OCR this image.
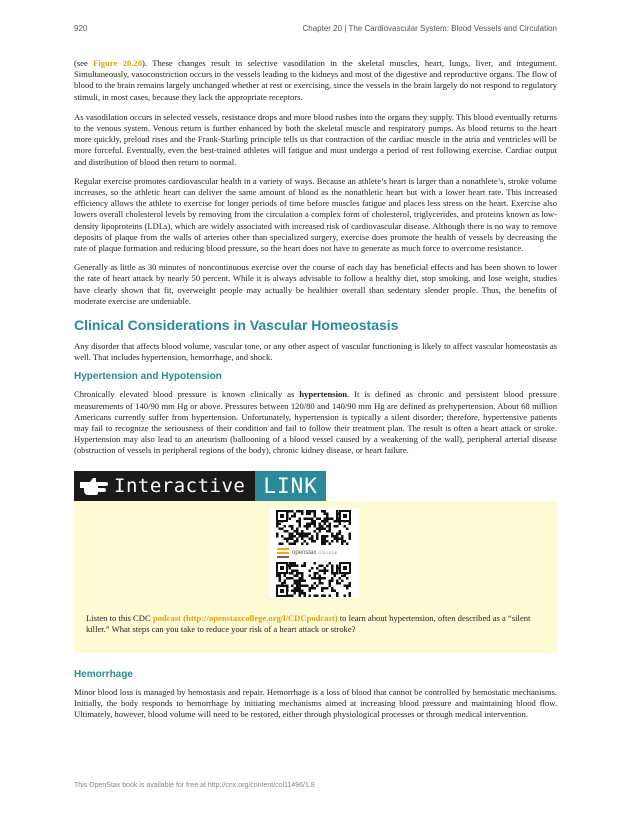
920	Chapter 20 | The Cardiovascular System: Blood Vessels and Circulation

(see Figure 20.20). These changes result in selective vasodilation in the skeletal muscles, heart, lungs, liver, and integument. Simultaneously, vasoconstriction occurs in the vessels leading to the kidneys and most of the digestive and reproductive organs. The flow of blood to the brain remains largely unchanged whether at rest or exercising, since the vessels in the brain largely do not respond to regulatory stimuli, in most cases, because they lack the appropriate receptors.

As vasodilation occurs in selected vessels, resistance drops and more blood rushes into the organs they supply. This blood eventually returns to the venous system. Venous return is further enhanced by both the skeletal muscle and respiratory pumps. As blood returns to the heart more quickly, preload rises and the Frank-Starling principle tells us that contraction of the cardiac muscle in the atria and ventricles will be more forceful. Eventually, even the best-trained athletes will fatigue and must undergo a period of rest following exercise. Cardiac output and distribution of blood then return to normal.

Regular exercise promotes cardiovascular health in a variety of ways. Because an athlete’s heart is larger than a nonathlete’s, stroke volume increases, so the athletic heart can deliver the same amount of blood as the nonathletic heart but with a lower heart rate. This increased efficiency allows the athlete to exercise for longer periods of time before muscles fatigue and places less stress on the heart. Exercise also lowers overall cholesterol levels by removing from the circulation a complex form of cholesterol, triglycerides, and proteins known as low-density lipoproteins (LDLs), which are widely associated with increased risk of cardiovascular disease. Although there is no way to remove deposits of plaque from the walls of arteries other than specialized surgery, exercise does promote the health of vessels by decreasing the rate of plaque formation and reducing blood pressure, so the heart does not have to generate as much force to overcome resistance.

Generally as little as 30 minutes of noncontinuous exercise over the course of each day has beneficial effects and has been shown to lower the rate of heart attack by nearly 50 percent. While it is always advisable to follow a healthy diet, stop smoking, and lose weight, studies have clearly shown that fit, overweight people may actually be healthier overall than sedentary slender people. Thus, the benefits of moderate exercise are undeniable.

Clinical Considerations in Vascular Homeostasis

Any disorder that affects blood volume, vascular tone, or any other aspect of vascular functioning is likely to affect vascular homeostasis as well. That includes hypertension, hemorrhage, and shock.

Hypertension and Hypotension

Chronically elevated blood pressure is known clinically as hypertension. It is defined as chronic and persistent blood pressure measurements of 140/90 mm Hg or above. Pressures between 120/80 and 140/90 mm Hg are defined as prehypertension. About 68 million Americans currently suffer from hypertension. Unfortunately, hypertension is typically a silent disorder; therefore, hypertensive patients may fail to recognize the seriousness of their condition and fail to follow their treatment plan. The result is often a heart attack or stroke. Hypertension may also lead to an aneurism (ballooning of a blood vessel caused by a weakening of the wall), peripheral arterial disease (obstruction of vessels in peripheral regions of the body), chronic kidney disease, or heart failure.

Interactive LINK
openstax COLLEGE
Listen to this CDC podcast (http://openstaxcollege.org/l/CDCpodcast) to learn about hypertension, often described as a “silent killer.” What steps can you take to reduce your risk of a heart attack or stroke?
Hemorrhage

Minor blood loss is managed by hemostasis and repair. Hemorrhage is a loss of blood that cannot be controlled by hemostatic mechanisms. Initially, the body responds to hemorrhage by initiating mechanisms aimed at increasing blood pressure and maintaining blood flow. Ultimately, however, blood volume will need to be restored, either through physiological processes or through medical intervention.

This OpenStax book is available for free at http://cnx.org/content/col11496/1.8
